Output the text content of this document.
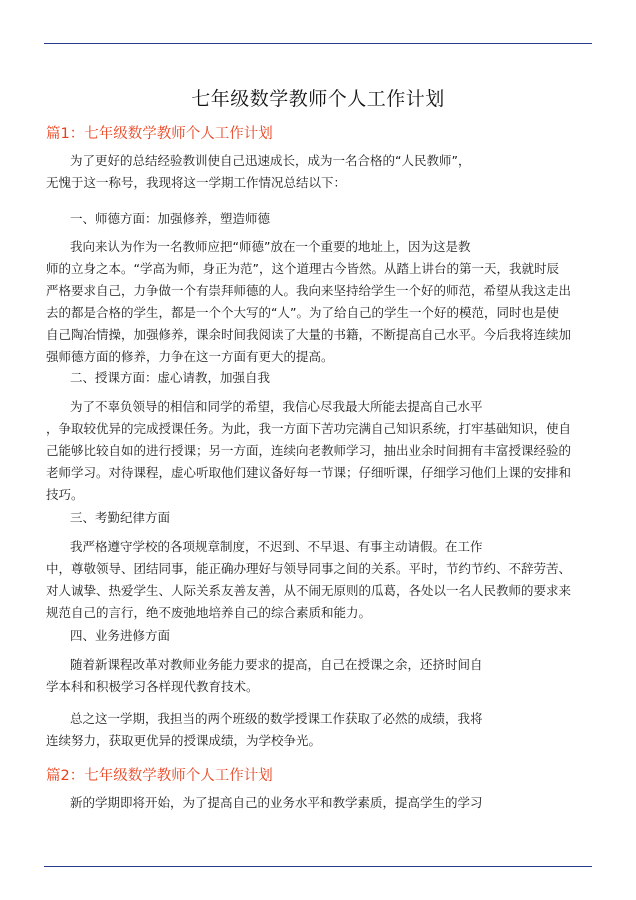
七年级数学教师个人工作计划
篇1：七年级数学教师个人工作计划

为了更好的总结经验教训使自己迅速成长，成为一名合格的“人民教师”，
无愧于这一称号，我现将这一学期工作情况总结以下：

一、师德方面：加强修养，塑造师德

我向来认为作为一名教师应把“师德”放在一个重要的地址上，因为这是教
师的立身之本。“学高为师，身正为范”，这个道理古今皆然。从踏上讲台的第一天，我就时辰
严格要求自己，力争做一个有崇拜师德的人。我向来坚持给学生一个好的师范，希望从我这走出
去的都是合格的学生，都是一个个大写的“人”。为了给自己的学生一个好的模范，同时也是使
自己陶冶情操，加强修养，课余时间我阅读了大量的书籍，不断提高自己水平。今后我将连续加
强师德方面的修养，力争在这一方面有更大的提高。

二、授课方面：虚心请教，加强自我

为了不辜负领导的相信和同学的希望，我信心尽我最大所能去提高自己水平
，争取较优异的完成授课任务。为此，我一方面下苦功完满自己知识系统，打牢基础知识，使自
己能够比较自如的进行授课；另一方面，连续向老教师学习，抽出业余时间拥有丰富授课经验的
老师学习。对待课程，虚心听取他们建议备好每一节课；仔细听课，仔细学习他们上课的安排和
技巧。

三、考勤纪律方面

我严格遵守学校的各项规章制度，不迟到、不早退、有事主动请假。在工作
中，尊敬领导、团结同事，能正确办理好与领导同事之间的关系。平时，节约节约、不辞劳苦、
对人诚挚、热爱学生、人际关系友善友善，从不闹无原则的瓜葛，各处以一名人民教师的要求来
规范自己的言行，绝不废弛地培养自己的综合素质和能力。

四、业务进修方面

随着新课程改革对教师业务能力要求的提高，自己在授课之余，还挤时间自
学本科和积极学习各样现代教育技术。

总之这一学期，我担当的两个班级的数学授课工作获取了必然的成绩，我将
连续努力，获取更优异的授课成绩，为学校争光。

篇2：七年级数学教师个人工作计划

新的学期即将开始，为了提高自己的业务水平和教学素质，提高学生的学习
